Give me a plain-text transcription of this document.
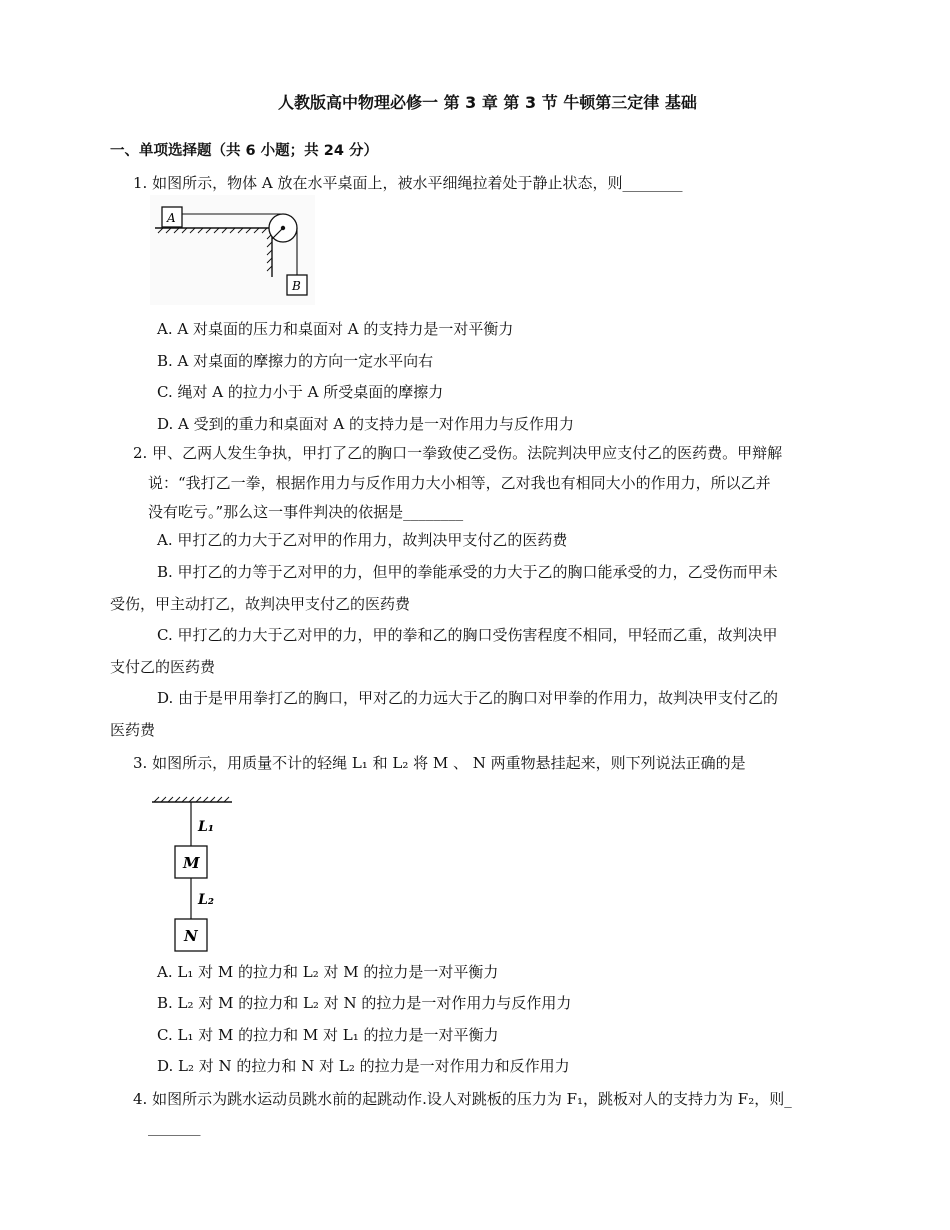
人教版高中物理必修一 第 3 章 第 3 节 牛顿第三定律 基础
一、单项选择题（共 6 小题；共 24 分）
1. 如图所示，物体 A 放在水平桌面上，被水平细绳拉着处于静止状态，则________
A
B
A. A 对桌面的压力和桌面对 A 的支持力是一对平衡力
B. A 对桌面的摩擦力的方向一定水平向右
C. 绳对 A 的拉力小于 A 所受桌面的摩擦力
D. A 受到的重力和桌面对 A 的支持力是一对作用力与反作用力
2. 甲、乙两人发生争执，甲打了乙的胸口一拳致使乙受伤。法院判决甲应支付乙的医药费。甲辩解
说：“我打乙一拳，根据作用力与反作用力大小相等，乙对我也有相同大小的作用力，所以乙并
没有吃亏。”那么这一事件判决的依据是________
A. 甲打乙的力大于乙对甲的作用力，故判决甲支付乙的医药费
B. 甲打乙的力等于乙对甲的力，但甲的拳能承受的力大于乙的胸口能承受的力，乙受伤而甲未
受伤，甲主动打乙，故判决甲支付乙的医药费
C. 甲打乙的力大于乙对甲的力，甲的拳和乙的胸口受伤害程度不相同，甲轻而乙重，故判决甲
支付乙的医药费
D. 由于是甲用拳打乙的胸口，甲对乙的力远大于乙的胸口对甲拳的作用力，故判决甲支付乙的
医药费
3. 如图所示，用质量不计的轻绳 L₁ 和 L₂ 将 M 、 N 两重物悬挂起来，则下列说法正确的是
L₁
M
L₂
N
A. L₁ 对 M 的拉力和 L₂ 对 M 的拉力是一对平衡力
B. L₂ 对 M 的拉力和 L₂ 对 N 的拉力是一对作用力与反作用力
C. L₁ 对 M 的拉力和 M 对 L₁ 的拉力是一对平衡力
D. L₂ 对 N 的拉力和 N 对 L₂ 的拉力是一对作用力和反作用力
4. 如图所示为跳水运动员跳水前的起跳动作.设人对跳板的压力为 F₁，跳板对人的支持力为 F₂，则_
_______
